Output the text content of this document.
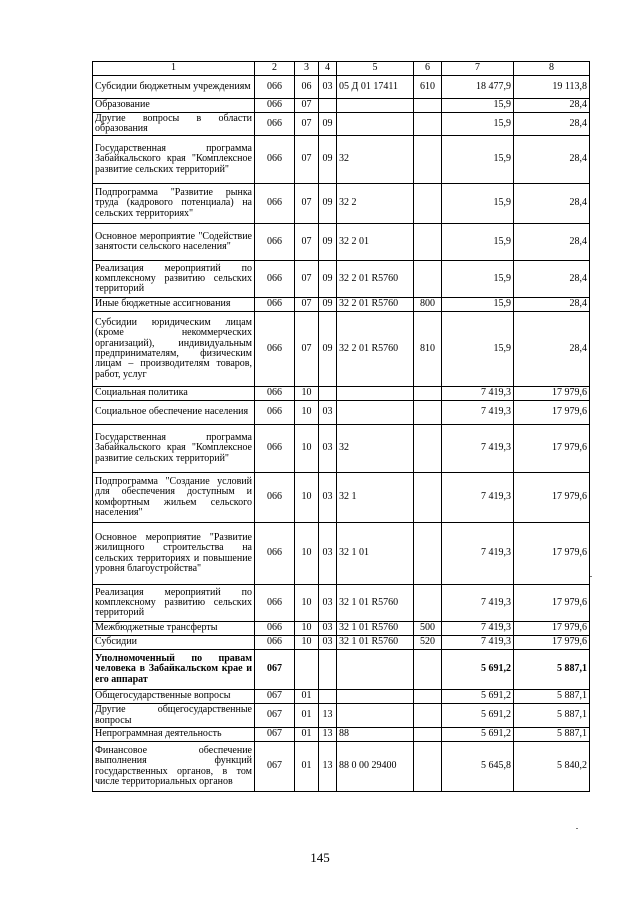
1	2	3	4	5	6	7	8
Субсидии бюджетным учреждениям	066	06	03	05 Д 01 17411	610	18 477,9	19 113,8
Образование	066	07				15,9	28,4
Другие вопросы в области образования	066	07	09			15,9	28,4
Государственная программа Забайкальского края "Комплексное развитие сельских территорий"	066	07	09	32		15,9	28,4
Подпрограмма "Развитие рынка труда (кадрового потенциала) на сельских территориях"	066	07	09	32 2		15,9	28,4
Основное мероприятие "Содействие занятости сельского населения"	066	07	09	32 2 01		15,9	28,4
Реализация мероприятий по комплексному развитию сельских территорий	066	07	09	32 2 01 R5760		15,9	28,4
Иные бюджетные ассигнования	066	07	09	32 2 01 R5760	800	15,9	28,4
Субсидии юридическим лицам (кроме некоммерческих организаций), индивидуальным предпринимателям, физическим лицам – производителям товаров, работ, услуг	066	07	09	32 2 01 R5760	810	15,9	28,4
Социальная политика	066	10				7 419,3	17 979,6
Социальное обеспечение населения	066	10	03			7 419,3	17 979,6
Государственная программа Забайкальского края "Комплексное развитие сельских территорий"	066	10	03	32		7 419,3	17 979,6
Подпрограмма "Создание условий для обеспечения доступным и комфортным жильем сельского населения"	066	10	03	32 1		7 419,3	17 979,6
Основное мероприятие "Развитие жилищного строительства на сельских территориях и повышение уровня благоустройства"	066	10	03	32 1 01		7 419,3	17 979,6
Реализация мероприятий по комплексному развитию сельских территорий	066	10	03	32 1 01 R5760		7 419,3	17 979,6
Межбюджетные трансферты	066	10	03	32 1 01 R5760	500	7 419,3	17 979,6
Субсидии	066	10	03	32 1 01 R5760	520	7 419,3	17 979,6
Уполномоченный по правам человека в Забайкальском крае и его аппарат	067					5 691,2	5 887,1
Общегосударственные вопросы	067	01				5 691,2	5 887,1
Другие общегосударственные вопросы	067	01	13			5 691,2	5 887,1
Непрограммная деятельность	067	01	13	88		5 691,2	5 887,1
Финансовое обеспечение выполнения функций государственных органов, в том числе территориальных органов	067	01	13	88 0 00 29400		5 645,8	5 840,2
145
